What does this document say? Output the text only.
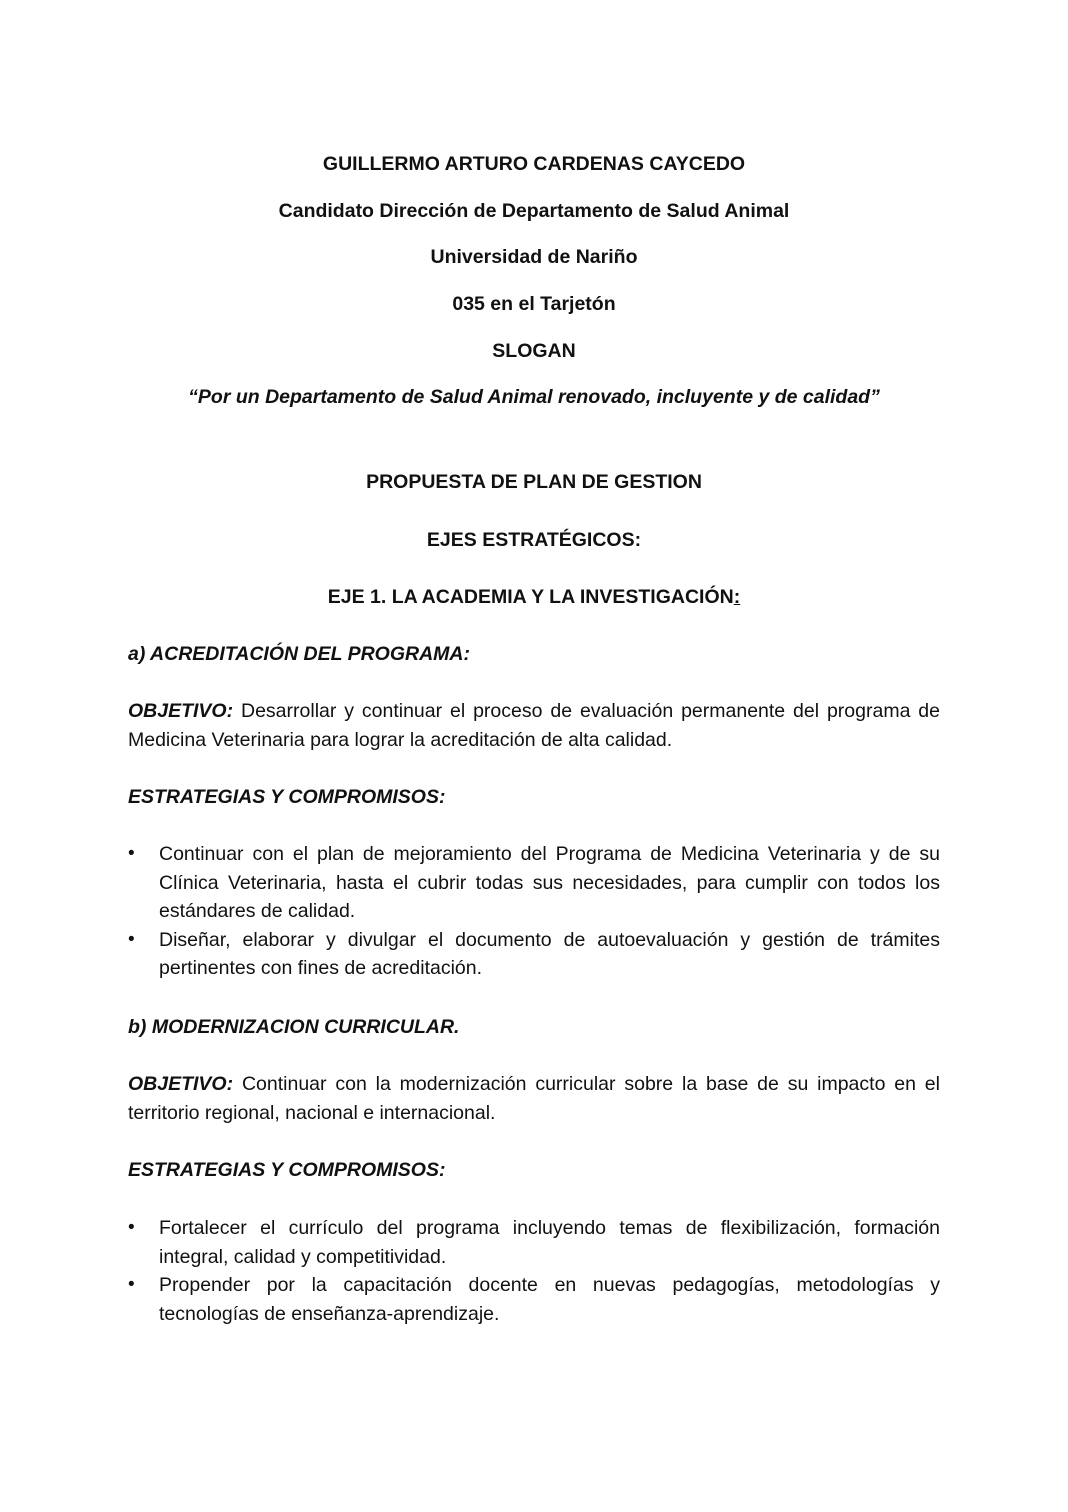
GUILLERMO ARTURO CARDENAS CAYCEDO
Candidato Dirección de Departamento de Salud Animal
Universidad de Nariño
035 en el Tarjetón
SLOGAN
“Por un Departamento de Salud Animal renovado, incluyente y de calidad”
PROPUESTA DE PLAN DE GESTION
EJES ESTRATÉGICOS:
EJE 1. LA ACADEMIA Y LA INVESTIGACIÓN:
a) ACREDITACIÓN DEL PROGRAMA:
OBJETIVO: Desarrollar y continuar el proceso de evaluación permanente del programa de Medicina Veterinaria para lograr la acreditación de alta calidad.
ESTRATEGIAS Y COMPROMISOS:
• Continuar con el plan de mejoramiento del Programa de Medicina Veterinaria y de su Clínica Veterinaria, hasta el cubrir todas sus necesidades, para cumplir con todos los estándares de calidad.
• Diseñar, elaborar y divulgar el documento de autoevaluación y gestión de trámites pertinentes con fines de acreditación.
b) MODERNIZACION CURRICULAR.
OBJETIVO: Continuar con la modernización curricular sobre la base de su impacto en el territorio regional, nacional e internacional.
ESTRATEGIAS Y COMPROMISOS:
• Fortalecer el currículo del programa incluyendo temas de flexibilización, formación integral, calidad y competitividad.
• Propender por la capacitación docente en nuevas pedagogías, metodologías y tecnologías de enseñanza-aprendizaje.
